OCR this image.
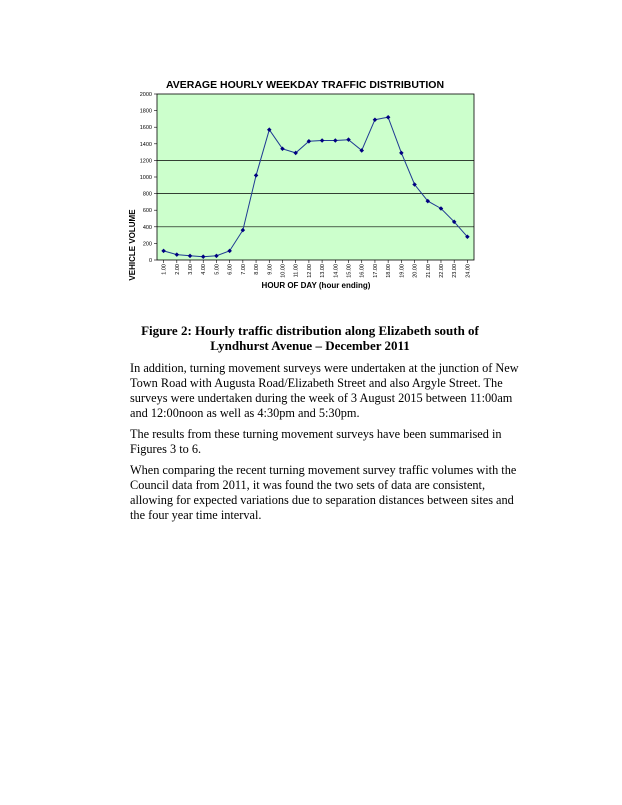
AVERAGE HOURLY WEEKDAY TRAFFIC DISTRIBUTION
VEHICLE VOLUME
HOUR OF DAY (hour ending)
0
200
400
600
800
1000
1200
1400
1600
1800
2000
1.00 2.00 3.00 4.00 5.00 6.00 7.00 8.00 9.00 10.00 11.00 12.00 13.00 14.00 15.00 16.00 17.00 18.00 19.00 20.00 21.00 22.00 23.00 24.00
Figure 2: Hourly traffic distribution along Elizabeth south of
Lyndhurst Avenue – December 2011

In addition, turning movement surveys were undertaken at the junction of New Town Road with Augusta Road/Elizabeth Street and also Argyle Street. The surveys were undertaken during the week of 3 August 2015 between 11:00am and 12:00noon as well as 4:30pm and 5:30pm.

The results from these turning movement surveys have been summarised in Figures 3 to 6.

When comparing the recent turning movement survey traffic volumes with the Council data from 2011, it was found the two sets of data are consistent, allowing for expected variations due to separation distances between sites and the four year time interval.
